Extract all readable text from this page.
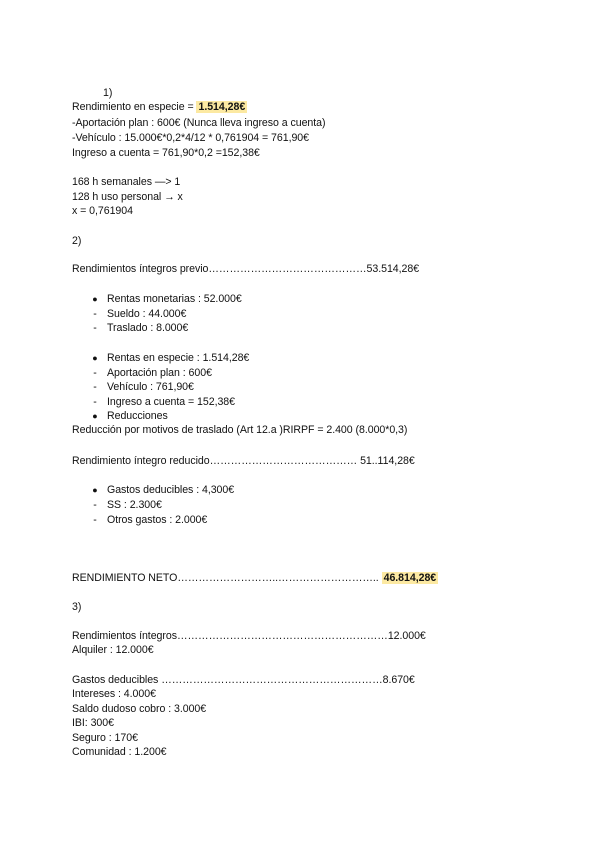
1)
Rendimiento en especie = 1.514,28€
-Aportación plan : 600€ (Nunca lleva ingreso a cuenta)
-Vehículo : 15.000€*0,2*4/12 * 0,761904 = 761,90€
Ingreso a cuenta = 761,90*0,2 =152,38€
168 h semanales —> 1
128 h uso personal → x
x = 0,761904
2)
Rendimientos íntegros previo………………………………………53.514,28€
● Rentas monetarias : 52.000€
- Sueldo : 44.000€
- Traslado : 8.000€
● Rentas en especie : 1.514,28€
- Aportación plan : 600€
- Vehículo : 761,90€
- Ingreso a cuenta = 152,38€
● Reducciones
Reducción por motivos de traslado (Art 12.a )RIRPF = 2.400 (8.000*0,3)
Rendimiento íntegro reducido…………………………………… 51..114,28€
● Gastos deducibles : 4,300€
- SS : 2.300€
- Otros gastos : 2.000€
RENDIMIENTO NETO………………………..……………………….. 46.814,28€
3)
Rendimientos íntegros……………………………………………………12.000€
Alquiler : 12.000€
Gastos deducibles ………………………………………………………8.670€
Intereses : 4.000€
Saldo dudoso cobro : 3.000€
IBI: 300€
Seguro : 170€
Comunidad : 1.200€
